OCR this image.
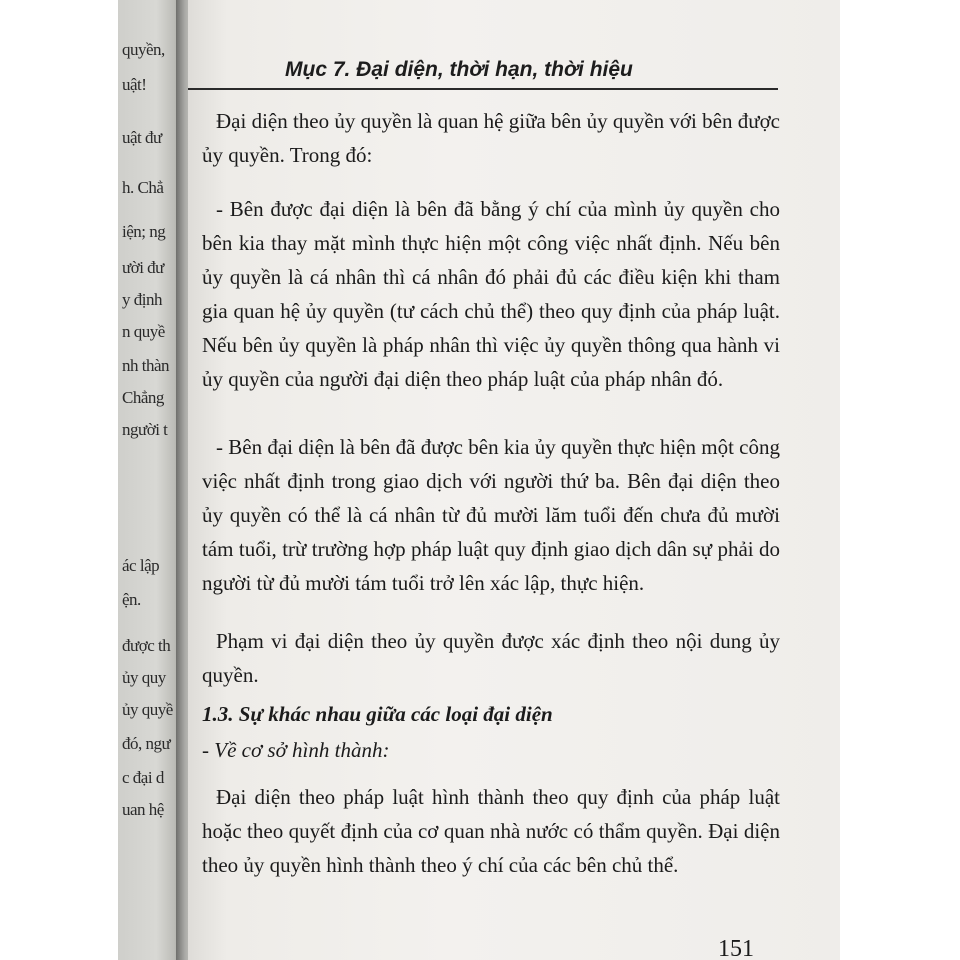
quyền,
uật!
uật đư
h. Chẳ
iện; ng
ười đư
y định
n quyề
nh thàn
Chẳng
người t
ác lập
ện.
được th
ủy quy
ủy quyề
đó, ngư
c đại d
uan hệ
Mục 7. Đại diện, thời hạn, thời hiệu

Đại diện theo ủy quyền là quan hệ giữa bên ủy quyền với bên được ủy quyền. Trong đó:

- Bên được đại diện là bên đã bằng ý chí của mình ủy quyền cho bên kia thay mặt mình thực hiện một công việc nhất định. Nếu bên ủy quyền là cá nhân thì cá nhân đó phải đủ các điều kiện khi tham gia quan hệ ủy quyền (tư cách chủ thể) theo quy định của pháp luật. Nếu bên ủy quyền là pháp nhân thì việc ủy quyền thông qua hành vi ủy quyền của người đại diện theo pháp luật của pháp nhân đó.

- Bên đại diện là bên đã được bên kia ủy quyền thực hiện một công việc nhất định trong giao dịch với người thứ ba. Bên đại diện theo ủy quyền có thể là cá nhân từ đủ mười lăm tuổi đến chưa đủ mười tám tuổi, trừ trường hợp pháp luật quy định giao dịch dân sự phải do người từ đủ mười tám tuổi trở lên xác lập, thực hiện.

Phạm vi đại diện theo ủy quyền được xác định theo nội dung ủy quyền.

1.3. Sự khác nhau giữa các loại đại diện
- Về cơ sở hình thành:

Đại diện theo pháp luật hình thành theo quy định của pháp luật hoặc theo quyết định của cơ quan nhà nước có thẩm quyền. Đại diện theo ủy quyền hình thành theo ý chí của các bên chủ thể.

151
